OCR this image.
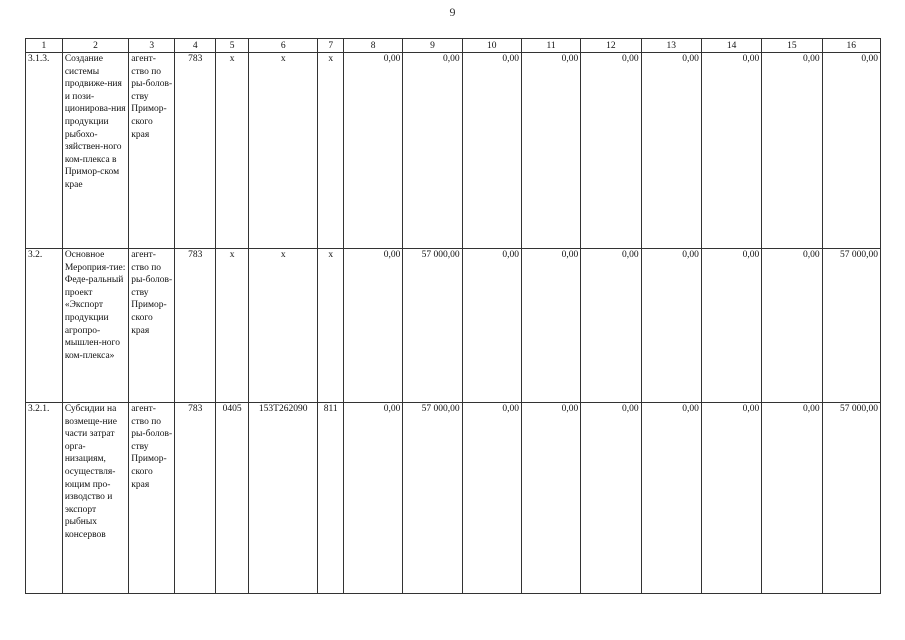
9
1	2	3	4	5	6	7	8	9	10	11	12	13	14	15	16
3.1.3.	Создание системы продвиже-ния и пози-ционирова-ния продукции рыбохо-зяйствен-ного ком-плекса в Примор-ском крае	агент-ство по ры-болов-ству Примор-ского края	783	x	x	x	0,00	0,00	0,00	0,00	0,00	0,00	0,00	0,00	0,00
3.2.	Основное Мероприя-тие: Феде-ральный проект «Экспорт продукции агропро-мышлен-ного ком-плекса»	агент-ство по ры-болов-ству Примор-ского края	783	x	x	x	0,00	57 000,00	0,00	0,00	0,00	0,00	0,00	0,00	57 000,00
3.2.1.	Субсидии на возмеще-ние части затрат орга-низациям, осуществля-ющим про-изводство и экспорт рыбных консервов	агент-ство по ры-болов-ству Примор-ского края	783	0405	153T262090	811	0,00	57 000,00	0,00	0,00	0,00	0,00	0,00	0,00	57 000,00
